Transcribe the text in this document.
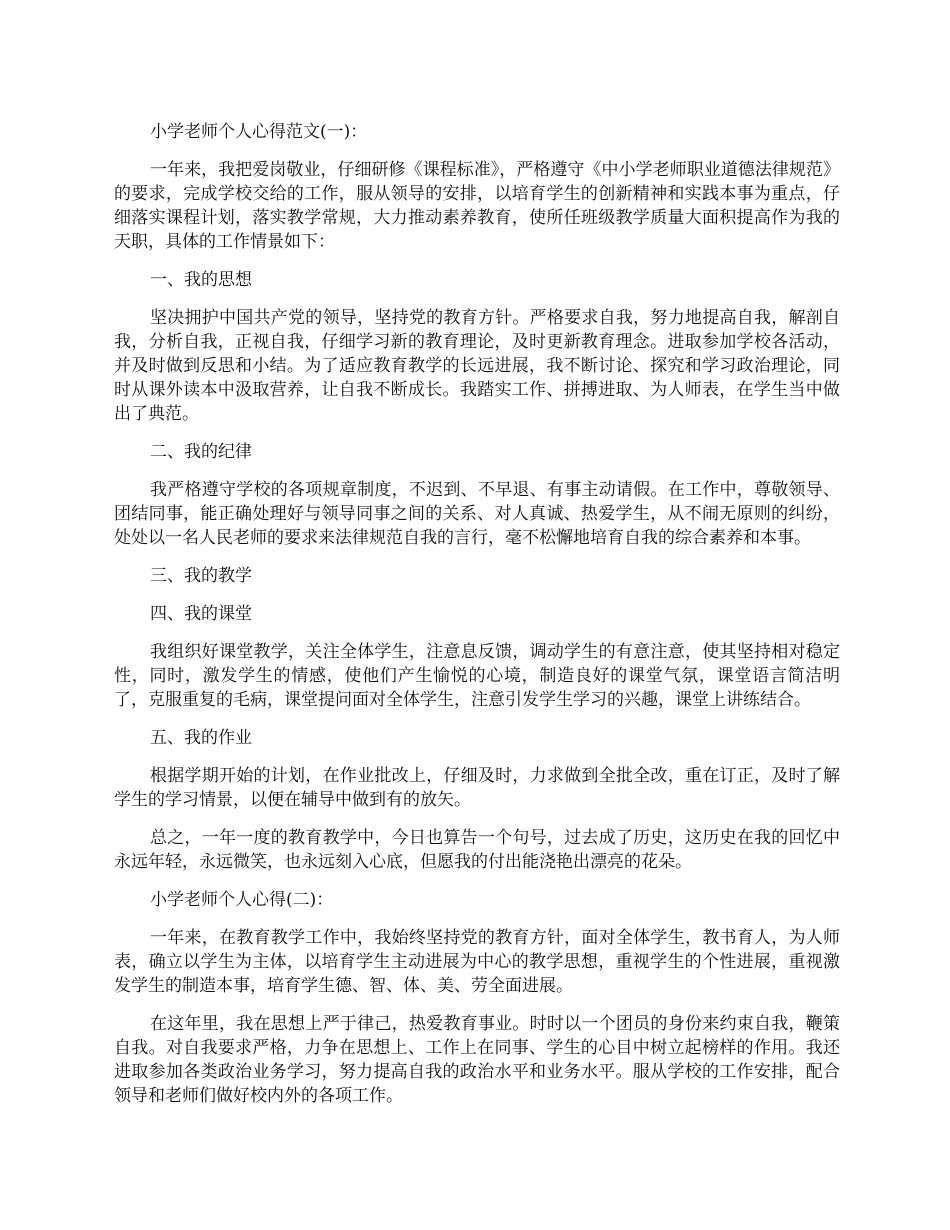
小学老师个人心得范文(一)：

一年来，我把爱岗敬业，仔细研修《课程标准》，严格遵守《中小学老师职业道德法律规范》的要求，完成学校交给的工作，服从领导的安排，以培育学生的创新精神和实践本事为重点，仔细落实课程计划，落实教学常规，大力推动素养教育，使所任班级教学质量大面积提高作为我的天职，具体的工作情景如下：

一、我的思想

坚决拥护中国共产党的领导，坚持党的教育方针。严格要求自我，努力地提高自我，解剖自我，分析自我，正视自我，仔细学习新的教育理论，及时更新教育理念。进取参加学校各活动，并及时做到反思和小结。为了适应教育教学的长远进展，我不断讨论、探究和学习政治理论，同时从课外读本中汲取营养，让自我不断成长。我踏实工作、拼搏进取、为人师表，在学生当中做出了典范。

二、我的纪律

我严格遵守学校的各项规章制度，不迟到、不早退、有事主动请假。在工作中，尊敬领导、团结同事，能正确处理好与领导同事之间的关系、对人真诚、热爱学生，从不闹无原则的纠纷，处处以一名人民老师的要求来法律规范自我的言行，毫不松懈地培育自我的综合素养和本事。

三、我的教学

四、我的课堂

我组织好课堂教学，关注全体学生，注意息反馈，调动学生的有意注意，使其坚持相对稳定性，同时，激发学生的情感，使他们产生愉悦的心境，制造良好的课堂气氛，课堂语言简洁明了，克服重复的毛病，课堂提问面对全体学生，注意引发学生学习的兴趣，课堂上讲练结合。

五、我的作业

根据学期开始的计划，在作业批改上，仔细及时，力求做到全批全改，重在订正，及时了解学生的学习情景，以便在辅导中做到有的放矢。

总之，一年一度的教育教学中，今日也算告一个句号，过去成了历史，这历史在我的回忆中永远年轻，永远微笑，也永远刻入心底，但愿我的付出能浇艳出漂亮的花朵。

小学老师个人心得(二)：

一年来，在教育教学工作中，我始终坚持党的教育方针，面对全体学生，教书育人，为人师表，确立以学生为主体，以培育学生主动进展为中心的教学思想，重视学生的个性进展，重视激发学生的制造本事，培育学生德、智、体、美、劳全面进展。

在这年里，我在思想上严于律己，热爱教育事业。时时以一个团员的身份来约束自我，鞭策自我。对自我要求严格，力争在思想上、工作上在同事、学生的心目中树立起榜样的作用。我还进取参加各类政治业务学习，努力提高自我的政治水平和业务水平。服从学校的工作安排，配合领导和老师们做好校内外的各项工作。
